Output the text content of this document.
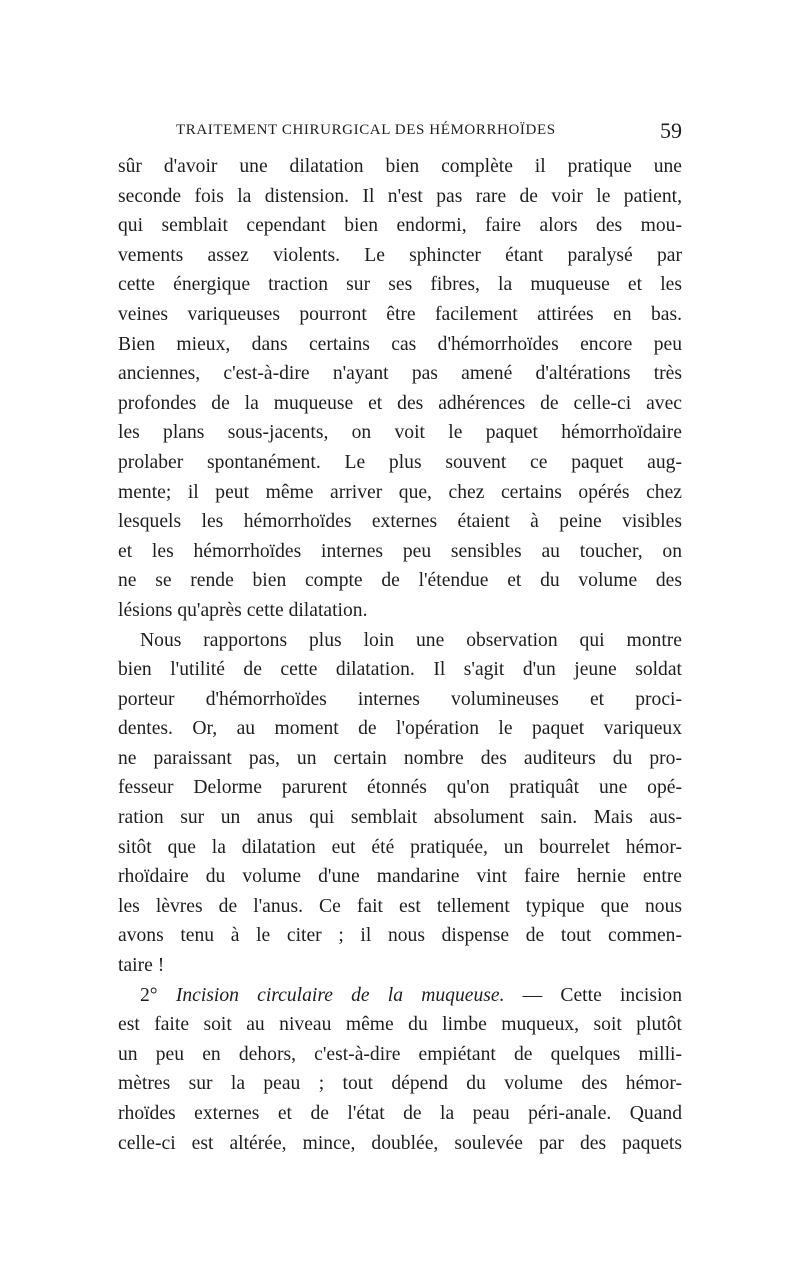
TRAITEMENT CHIRURGICAL DES HÉMORRHOÏDES	59
sûr d'avoir une dilatation bien complète il pratique une
seconde fois la distension. Il n'est pas rare de voir le patient,
qui semblait cependant bien endormi, faire alors des mou-
vements assez violents. Le sphincter étant paralysé par
cette énergique traction sur ses fibres, la muqueuse et les
veines variqueuses pourront être facilement attirées en bas.
Bien mieux, dans certains cas d'hémorrhoïdes encore peu
anciennes, c'est-à-dire n'ayant pas amené d'altérations très
profondes de la muqueuse et des adhérences de celle-ci avec
les plans sous-jacents, on voit le paquet hémorrhoïdaire
prolaber spontanément. Le plus souvent ce paquet aug-
mente; il peut même arriver que, chez certains opérés chez
lesquels les hémorrhoïdes externes étaient à peine visibles
et les hémorrhoïdes internes peu sensibles au toucher, on
ne se rende bien compte de l'étendue et du volume des
lésions qu'après cette dilatation.
Nous rapportons plus loin une observation qui montre
bien l'utilité de cette dilatation. Il s'agit d'un jeune soldat
porteur d'hémorrhoïdes internes volumineuses et proci-
dentes. Or, au moment de l'opération le paquet variqueux
ne paraissant pas, un certain nombre des auditeurs du pro-
fesseur Delorme parurent étonnés qu'on pratiquât une opé-
ration sur un anus qui semblait absolument sain. Mais aus-
sitôt que la dilatation eut été pratiquée, un bourrelet hémor-
rhoïdaire du volume d'une mandarine vint faire hernie entre
les lèvres de l'anus. Ce fait est tellement typique que nous
avons tenu à le citer ; il nous dispense de tout commen-
taire !
2° Incision circulaire de la muqueuse. — Cette incision
est faite soit au niveau même du limbe muqueux, soit plutôt
un peu en dehors, c'est-à-dire empiétant de quelques milli-
mètres sur la peau ; tout dépend du volume des hémor-
rhoïdes externes et de l'état de la peau péri-anale. Quand
celle-ci est altérée, mince, doublée, soulevée par des paquets
